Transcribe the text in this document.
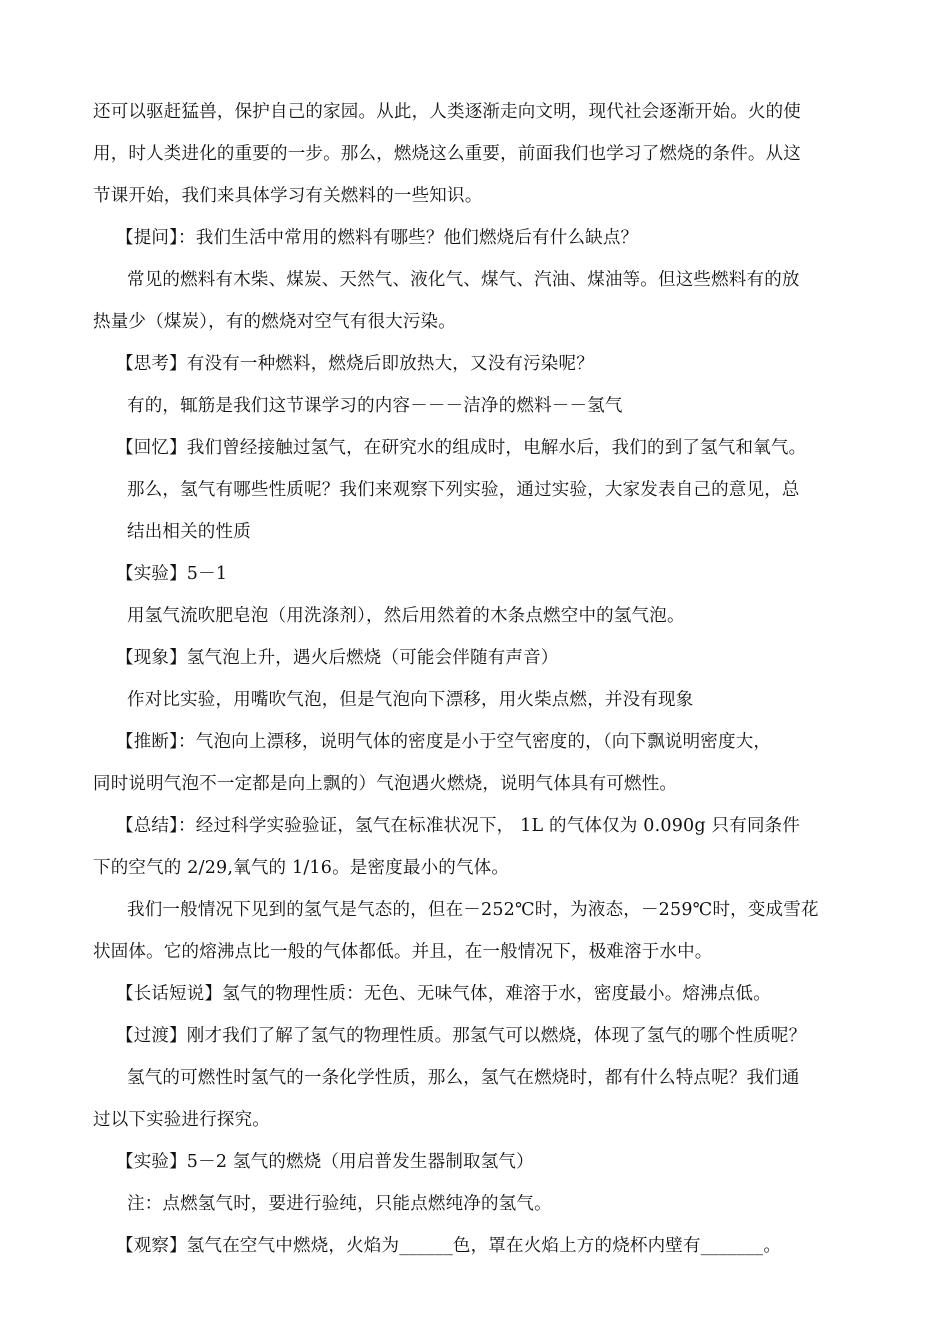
还可以驱赶猛兽，保护自己的家园。从此，人类逐渐走向文明，现代社会逐渐开始。火的使
用，时人类进化的重要的一步。那么，燃烧这么重要，前面我们也学习了燃烧的条件。从这
节课开始，我们来具体学习有关燃料的一些知识。
【提问】：我们生活中常用的燃料有哪些？他们燃烧后有什么缺点？
常见的燃料有木柴、煤炭、天然气、液化气、煤气、汽油、煤油等。但这些燃料有的放
热量少（煤炭），有的燃烧对空气有很大污染。
【思考】有没有一种燃料，燃烧后即放热大，又没有污染呢？
有的，辄筋是我们这节课学习的内容－－－洁净的燃料－－氢气
【回忆】我们曾经接触过氢气，在研究水的组成时，电解水后，我们的到了氢气和氧气。
那么，氢气有哪些性质呢？我们来观察下列实验，通过实验，大家发表自己的意见，总
结出相关的性质
【实验】5－1
用氢气流吹肥皂泡（用洗涤剂），然后用然着的木条点燃空中的氢气泡。
【现象】氢气泡上升，遇火后燃烧（可能会伴随有声音）
作对比实验，用嘴吹气泡，但是气泡向下漂移，用火柴点燃，并没有现象
【推断】：气泡向上漂移，说明气体的密度是小于空气密度的，（向下飘说明密度大，
同时说明气泡不一定都是向上飘的）气泡遇火燃烧，说明气体具有可燃性。
【总结】：经过科学实验验证，氢气在标准状况下， 1L 的气体仅为 0.090g 只有同条件
下的空气的 2/29,氧气的 1/16。是密度最小的气体。
我们一般情况下见到的氢气是气态的，但在－252℃时，为液态，－259℃时，变成雪花
状固体。它的熔沸点比一般的气体都低。并且，在一般情况下，极难溶于水中。
【长话短说】氢气的物理性质：无色、无味气体，难溶于水，密度最小。熔沸点低。
【过渡】刚才我们了解了氢气的物理性质。那氢气可以燃烧，体现了氢气的哪个性质呢？
氢气的可燃性时氢气的一条化学性质，那么，氢气在燃烧时，都有什么特点呢？我们通
过以下实验进行探究。
【实验】5－2 氢气的燃烧（用启普发生器制取氢气）
注：点燃氢气时，要进行验纯，只能点燃纯净的氢气。
【观察】氢气在空气中燃烧，火焰为______色，罩在火焰上方的烧杯内壁有_______。
